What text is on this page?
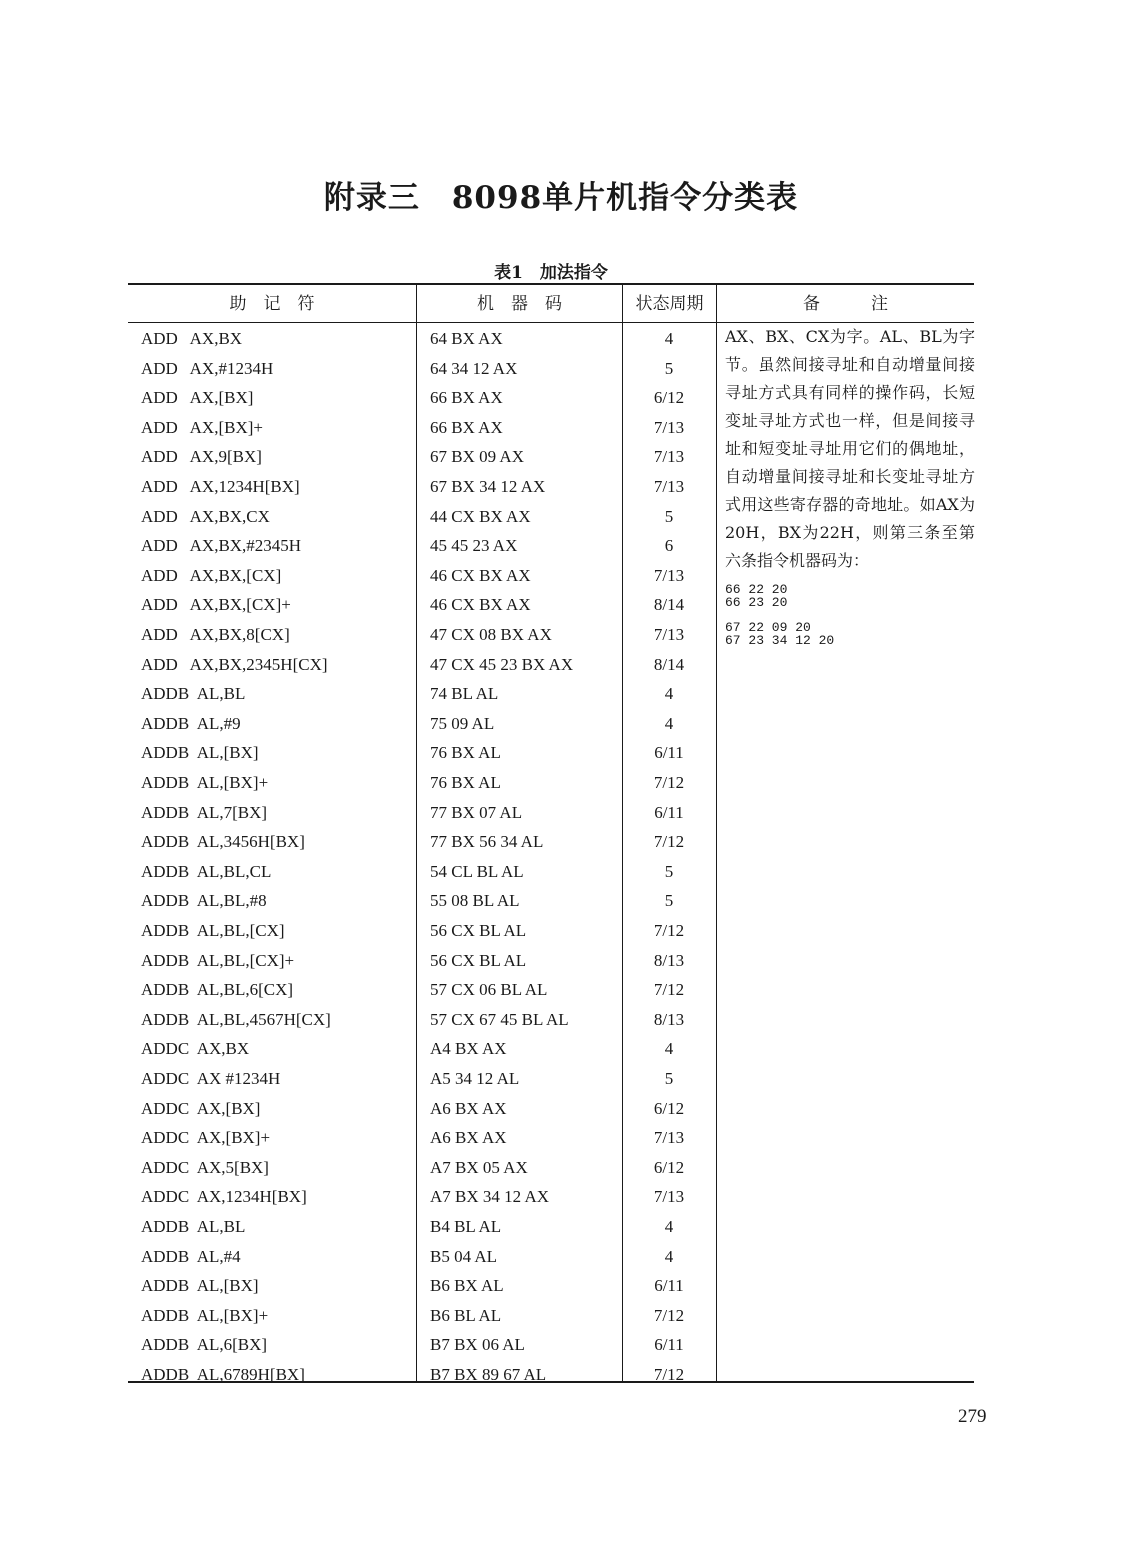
附录三　8098单片机指令分类表
表1　加法指令
助　记　符	机　器　码	状态周期	备　　　注
ADD   AX,BX	64 BX AX	4
ADD   AX,#1234H	64 34 12 AX	5
ADD   AX,[BX]	66 BX AX	6/12
ADD   AX,[BX]+	66 BX AX	7/13
ADD   AX,9[BX]	67 BX 09 AX	7/13
ADD   AX,1234H[BX]	67 BX 34 12 AX	7/13
ADD   AX,BX,CX	44 CX BX AX	5
ADD   AX,BX,#2345H	45 45 23 AX	6
ADD   AX,BX,[CX]	46 CX BX AX	7/13
ADD   AX,BX,[CX]+	46 CX BX AX	8/14
ADD   AX,BX,8[CX]	47 CX 08 BX AX	7/13
ADD   AX,BX,2345H[CX]	47 CX 45 23 BX AX	8/14
ADDB  AL,BL	74 BL AL	4
ADDB  AL,#9	75 09 AL	4
ADDB  AL,[BX]	76 BX AL	6/11
ADDB  AL,[BX]+	76 BX AL	7/12
ADDB  AL,7[BX]	77 BX 07 AL	6/11
ADDB  AL,3456H[BX]	77 BX 56 34 AL	7/12
ADDB  AL,BL,CL	54 CL BL AL	5
ADDB  AL,BL,#8	55 08 BL AL	5
ADDB  AL,BL,[CX]	56 CX BL AL	7/12
ADDB  AL,BL,[CX]+	56 CX BL AL	8/13
ADDB  AL,BL,6[CX]	57 CX 06 BL AL	7/12
ADDB  AL,BL,4567H[CX]	57 CX 67 45 BL AL	8/13
ADDC  AX,BX	A4 BX AX	4
ADDC  AX #1234H	A5 34 12 AL	5
ADDC  AX,[BX]	A6 BX AX	6/12
ADDC  AX,[BX]+	A6 BX AX	7/13
ADDC  AX,5[BX]	A7 BX 05 AX	6/12
ADDC  AX,1234H[BX]	A7 BX 34 12 AX	7/13
ADDB  AL,BL	B4 BL AL	4
ADDB  AL,#4	B5 04 AL	4
ADDB  AL,[BX]	B6 BX AL	6/11
ADDB  AL,[BX]+	B6 BL AL	7/12
ADDB  AL,6[BX]	B7 BX 06 AL	6/11
ADDB  AL,6789H[BX]	B7 BX 89 67 AL	7/12
AX、BX、CX为字。AL、BL为字节。虽然间接寻址和自动增量间接寻址方式具有同样的操作码，长短变址寻址方式也一样，但是间接寻址和短变址寻址用它们的偶地址，自动增量间接寻址和长变址寻址方式用这些寄存器的奇地址。如AX为20H，BX为22H，则第三条至第六条指令机器码为：
66 22 20
66 23 20
67 22 09 20
67 23 34 12 20
279
